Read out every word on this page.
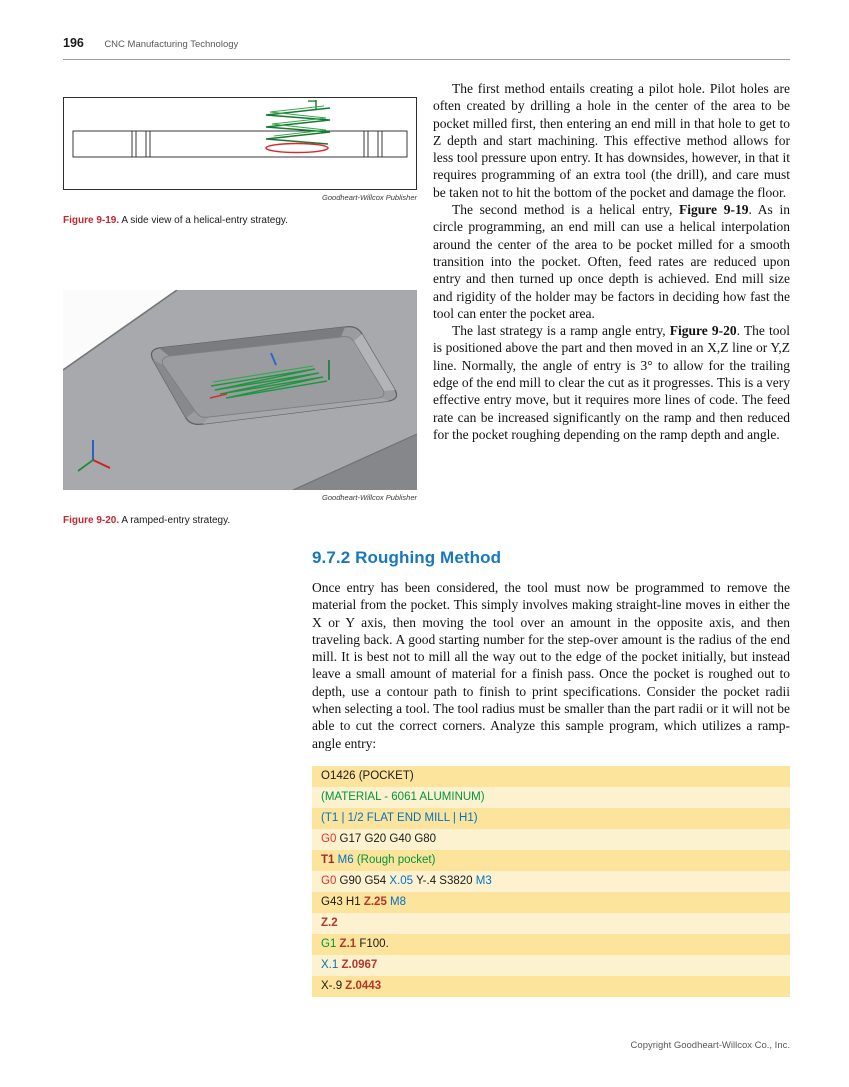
196 CNC Manufacturing Technology
Goodheart-Willcox Publisher

Figure 9-19. A side view of a helical-entry strategy.

Goodheart-Willcox Publisher

Figure 9-20. A ramped-entry strategy.

The first method entails creating a pilot hole. Pilot holes are often created by drilling a hole in the center of the area to be pocket milled first, then entering an end mill in that hole to get to Z depth and start machining. This effective method allows for less tool pressure upon entry. It has downsides, however, in that it requires programming of an extra tool (the drill), and care must be taken not to hit the bottom of the pocket and damage the floor.

The second method is a helical entry, Figure 9-19. As in circle programming, an end mill can use a helical interpolation around the center of the area to be pocket milled for a smooth transition into the pocket. Often, feed rates are reduced upon entry and then turned up once depth is achieved. End mill size and rigidity of the holder may be factors in deciding how fast the tool can enter the pocket area.

The last strategy is a ramp angle entry, Figure 9-20. The tool is positioned above the part and then moved in an X,Z line or Y,Z line. Normally, the angle of entry is 3° to allow for the trailing edge of the end mill to clear the cut as it progresses. This is a very effective entry move, but it requires more lines of code. The feed rate can be increased significantly on the ramp and then reduced for the pocket roughing depending on the ramp depth and angle.

9.7.2 Roughing Method

Once entry has been considered, the tool must now be programmed to remove the material from the pocket. This simply involves making straight-line moves in either the X or Y axis, then moving the tool over an amount in the opposite axis, and then traveling back. A good starting number for the step-over amount is the radius of the end mill. It is best not to mill all the way out to the edge of the pocket initially, but instead leave a small amount of material for a finish pass. Once the pocket is roughed out to depth, use a contour path to finish to print specifications. Consider the pocket radii when selecting a tool. The tool radius must be smaller than the part radii or it will not be able to cut the correct corners. Analyze this sample program, which utilizes a ramp-angle entry:

O1426 (POCKET)
(MATERIAL - 6061 ALUMINUM)
(T1 | 1/2 FLAT END MILL | H1)
G0 G17 G20 G40 G80
T1 M6 (Rough pocket)
G0 G90 G54 X.05 Y-.4 S3820 M3
G43 H1 Z.25 M8
Z.2
G1 Z.1 F100.
X.1 Z.0967
X-.9 Z.0443
Copyright Goodheart-Willcox Co., Inc.
